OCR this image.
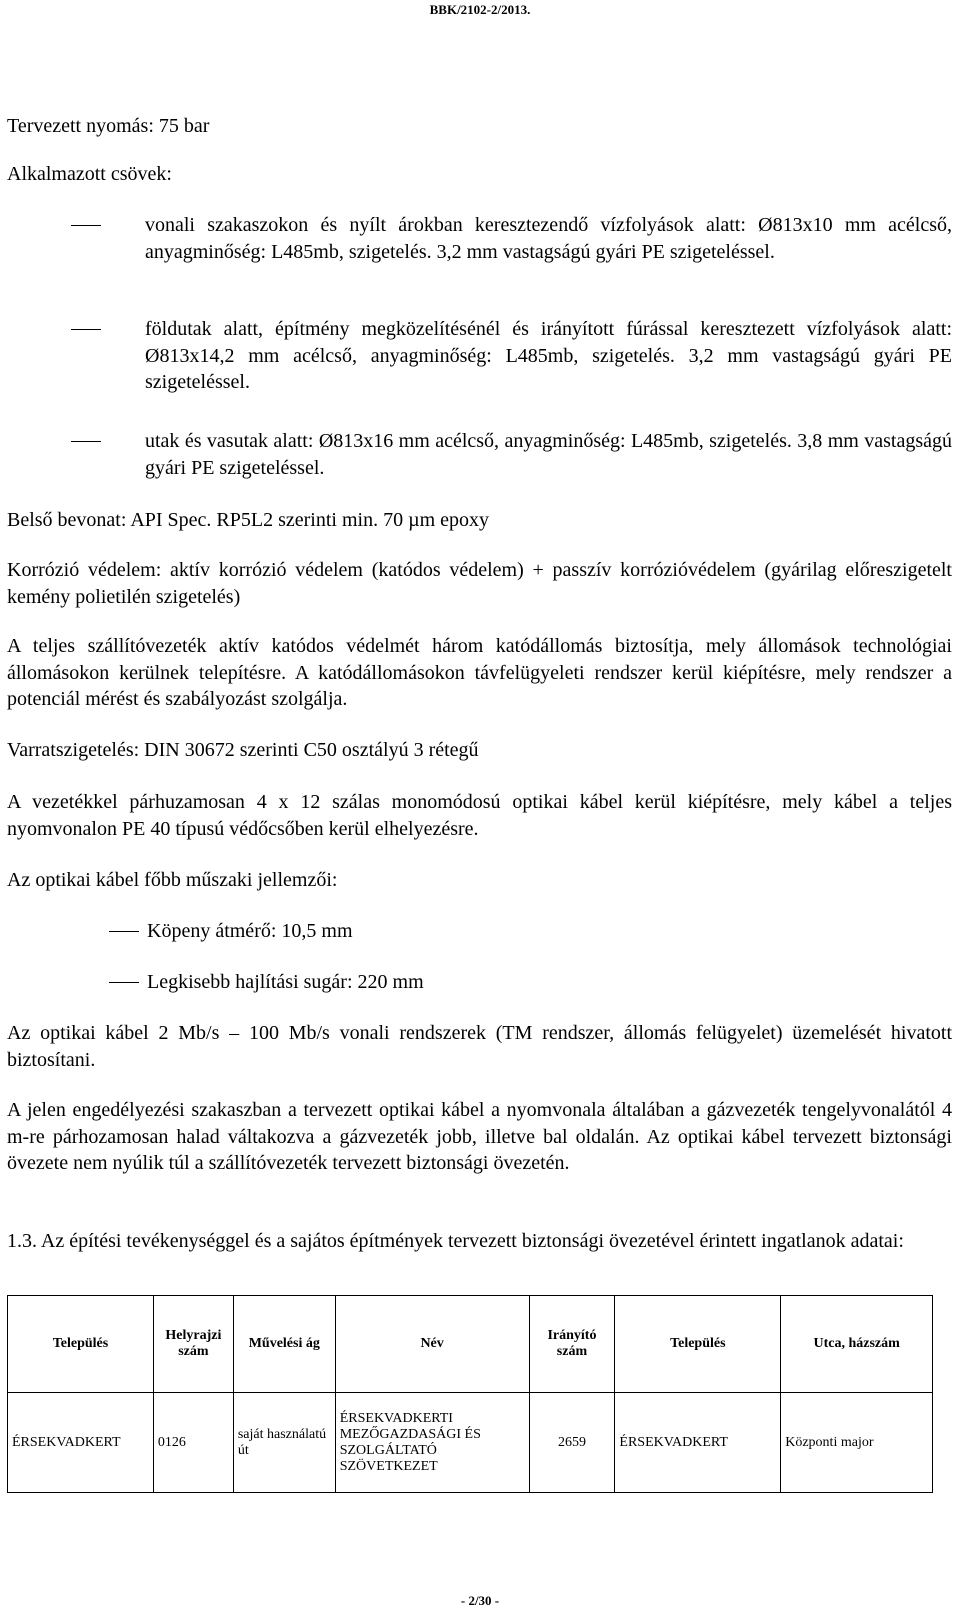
BBK/2102-2/2013.

Tervezett nyomás: 75 bar

Alkalmazott csövek:

vonali szakaszokon és nyílt árokban keresztezendő vízfolyások alatt: Ø813x10 mm acélcső, anyagminőség: L485mb, szigetelés. 3,2 mm vastagságú gyári PE szigeteléssel.
földutak alatt, építmény megközelítésénél és irányított fúrással keresztezett vízfolyások alatt: Ø813x14,2 mm acélcső, anyagminőség: L485mb, szigetelés. 3,2 mm vastagságú gyári PE szigeteléssel.
utak és vasutak alatt: Ø813x16 mm acélcső, anyagminőség: L485mb, szigetelés. 3,8 mm vastagságú gyári PE szigeteléssel.

Belső bevonat: API Spec. RP5L2 szerinti min. 70 µm epoxy

Korrózió védelem: aktív korrózió védelem (katódos védelem) + passzív korrózióvédelem (gyárilag előreszigetelt kemény polietilén szigetelés)

A teljes szállítóvezeték aktív katódos védelmét három katódállomás biztosítja, mely állomások technológiai állomásokon kerülnek telepítésre. A katódállomásokon távfelügyeleti rendszer kerül kiépítésre, mely rendszer a potenciál mérést és szabályozást szolgálja.

Varratszigetelés: DIN 30672 szerinti C50 osztályú 3 rétegű

A vezetékkel párhuzamosan 4 x 12 szálas monomódosú optikai kábel kerül kiépítésre, mely kábel a teljes nyomvonalon PE 40 típusú védőcsőben kerül elhelyezésre.

Az optikai kábel főbb műszaki jellemzői:

Köpeny átmérő: 10,5 mm
Legkisebb hajlítási sugár: 220 mm

Az optikai kábel 2 Mb/s – 100 Mb/s vonali rendszerek (TM rendszer, állomás felügyelet) üzemelését hivatott biztosítani.

A jelen engedélyezési szakaszban a tervezett optikai kábel a nyomvonala általában a gázvezeték tengelyvonalától 4 m-re párhozamosan halad váltakozva a gázvezeték jobb, illetve bal oldalán. Az optikai kábel tervezett biztonsági övezete nem nyúlik túl a szállítóvezeték tervezett biztonsági övezetén.

1.3. Az építési tevékenységgel és a sajátos építmények tervezett biztonsági övezetével érintett ingatlanok adatai:

Település	Helyrajzi szám	Művelési ág	Név	Irányító szám	Település	Utca, házszám
ÉRSEKVADKERT	0126	saját használatú út	ÉRSEKVADKERTI MEZŐGAZDASÁGI ÉS SZOLGÁLTATÓ SZÖVETKEZET	2659	ÉRSEKVADKERT	Központi major
- 2/30 -
